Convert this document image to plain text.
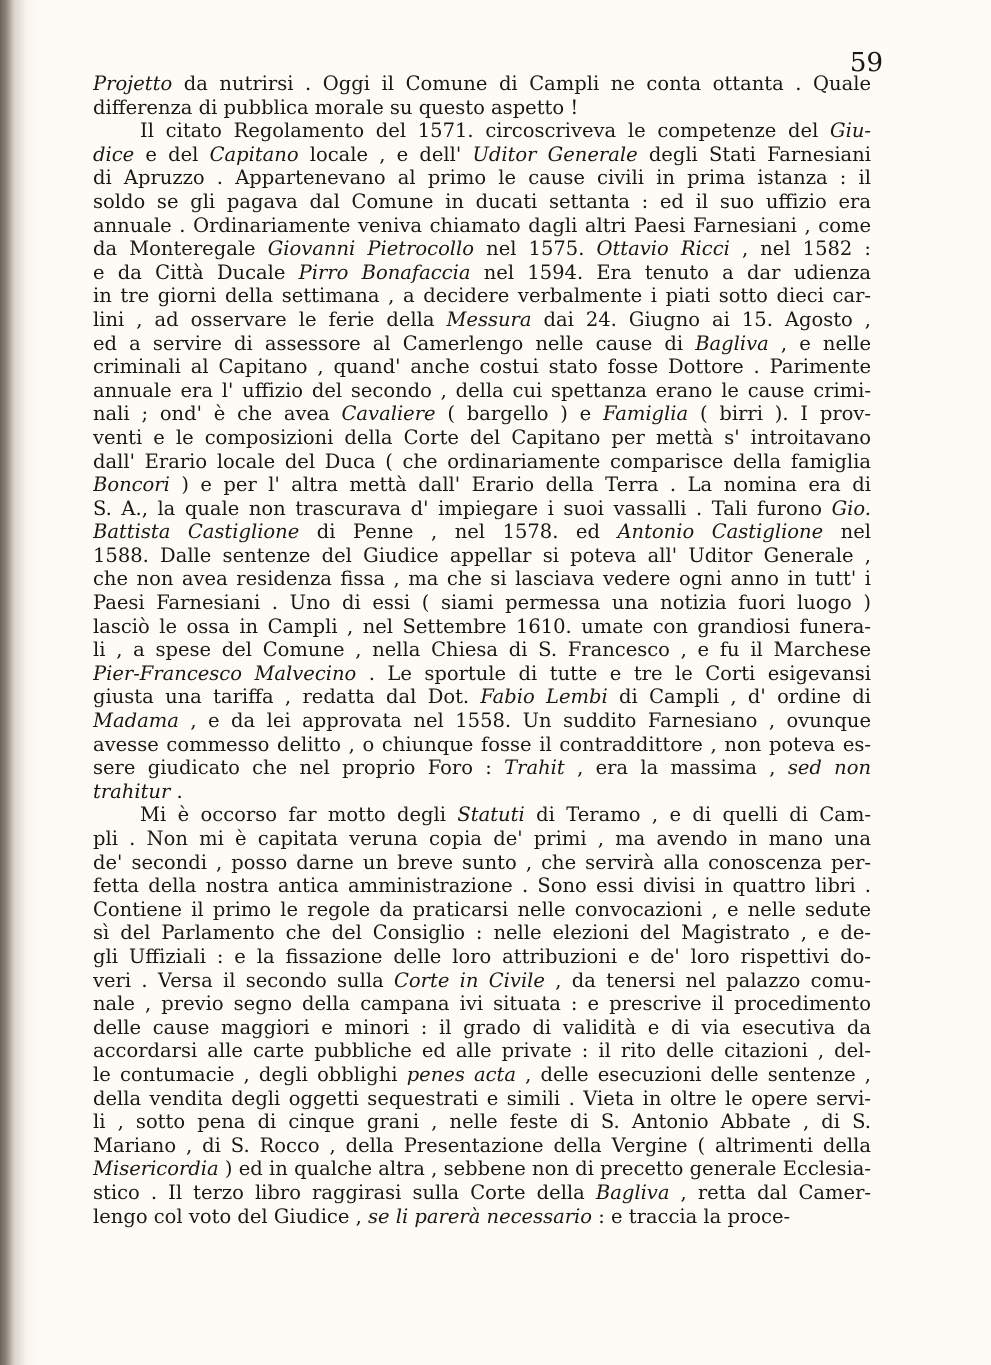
59
Projetto da nutrirsi . Oggi il Comune di Campli ne conta ottanta . Quale
differenza di pubblica morale su questo aspetto !
Il citato Regolamento del 1571. circoscriveva le competenze del Giu-
dice e del Capitano locale , e dell' Uditor Generale degli Stati Farnesiani
di Apruzzo . Appartenevano al primo le cause civili in prima istanza : il
soldo se gli pagava dal Comune in ducati settanta : ed il suo uffizio era
annuale . Ordinariamente veniva chiamato dagli altri Paesi Farnesiani , come
da Monteregale Giovanni Pietrocollo nel 1575. Ottavio Ricci , nel 1582 :
e da Città Ducale Pirro Bonafaccia nel 1594. Era tenuto a dar udienza
in tre giorni della settimana , a decidere verbalmente i piati sotto dieci car-
lini , ad osservare le ferie della Messura dai 24. Giugno ai 15. Agosto ,
ed a servire di assessore al Camerlengo nelle cause di Bagliva , e nelle
criminali al Capitano , quand' anche costui stato fosse Dottore . Parimente
annuale era l' uffizio del secondo , della cui spettanza erano le cause crimi-
nali ; ond' è che avea Cavaliere ( bargello ) e Famiglia ( birri ). I prov-
venti e le composizioni della Corte del Capitano per mettà s' introitavano
dall' Erario locale del Duca ( che ordinariamente comparisce della famiglia
Boncori ) e per l' altra mettà dall' Erario della Terra . La nomina era di
S. A., la quale non trascurava d' impiegare i suoi vassalli . Tali furono Gio.
Battista Castiglione di Penne , nel 1578. ed Antonio Castiglione nel
1588. Dalle sentenze del Giudice appellar si poteva all' Uditor Generale ,
che non avea residenza fissa , ma che si lasciava vedere ogni anno in tutt' i
Paesi Farnesiani . Uno di essi ( siami permessa una notizia fuori luogo )
lasciò le ossa in Campli , nel Settembre 1610. umate con grandiosi funera-
li , a spese del Comune , nella Chiesa di S. Francesco , e fu il Marchese
Pier-Francesco Malvecino . Le sportule di tutte e tre le Corti esigevansi
giusta una tariffa , redatta dal Dot. Fabio Lembi di Campli , d' ordine di
Madama , e da lei approvata nel 1558. Un suddito Farnesiano , ovunque
avesse commesso delitto , o chiunque fosse il contraddittore , non poteva es-
sere giudicato che nel proprio Foro : Trahit , era la massima , sed non
trahitur .
Mi è occorso far motto degli Statuti di Teramo , e di quelli di Cam-
pli . Non mi è capitata veruna copia de' primi , ma avendo in mano una
de' secondi , posso darne un breve sunto , che servirà alla conoscenza per-
fetta della nostra antica amministrazione . Sono essi divisi in quattro libri .
Contiene il primo le regole da praticarsi nelle convocazioni , e nelle sedute
sì del Parlamento che del Consiglio : nelle elezioni del Magistrato , e de-
gli Uffiziali : e la fissazione delle loro attribuzioni e de' loro rispettivi do-
veri . Versa il secondo sulla Corte in Civile , da tenersi nel palazzo comu-
nale , previo segno della campana ivi situata : e prescrive il procedimento
delle cause maggiori e minori : il grado di validità e di via esecutiva da
accordarsi alle carte pubbliche ed alle private : il rito delle citazioni , del-
le contumacie , degli obblighi penes acta , delle esecuzioni delle sentenze ,
della vendita degli oggetti sequestrati e simili . Vieta in oltre le opere servi-
li , sotto pena di cinque grani , nelle feste di S. Antonio Abbate , di S.
Mariano , di S. Rocco , della Presentazione della Vergine ( altrimenti della
Misericordia ) ed in qualche altra , sebbene non di precetto generale Ecclesia-
stico . Il terzo libro raggirasi sulla Corte della Bagliva , retta dal Camer-
lengo col voto del Giudice , se li parerà necessario : e traccia la proce-
